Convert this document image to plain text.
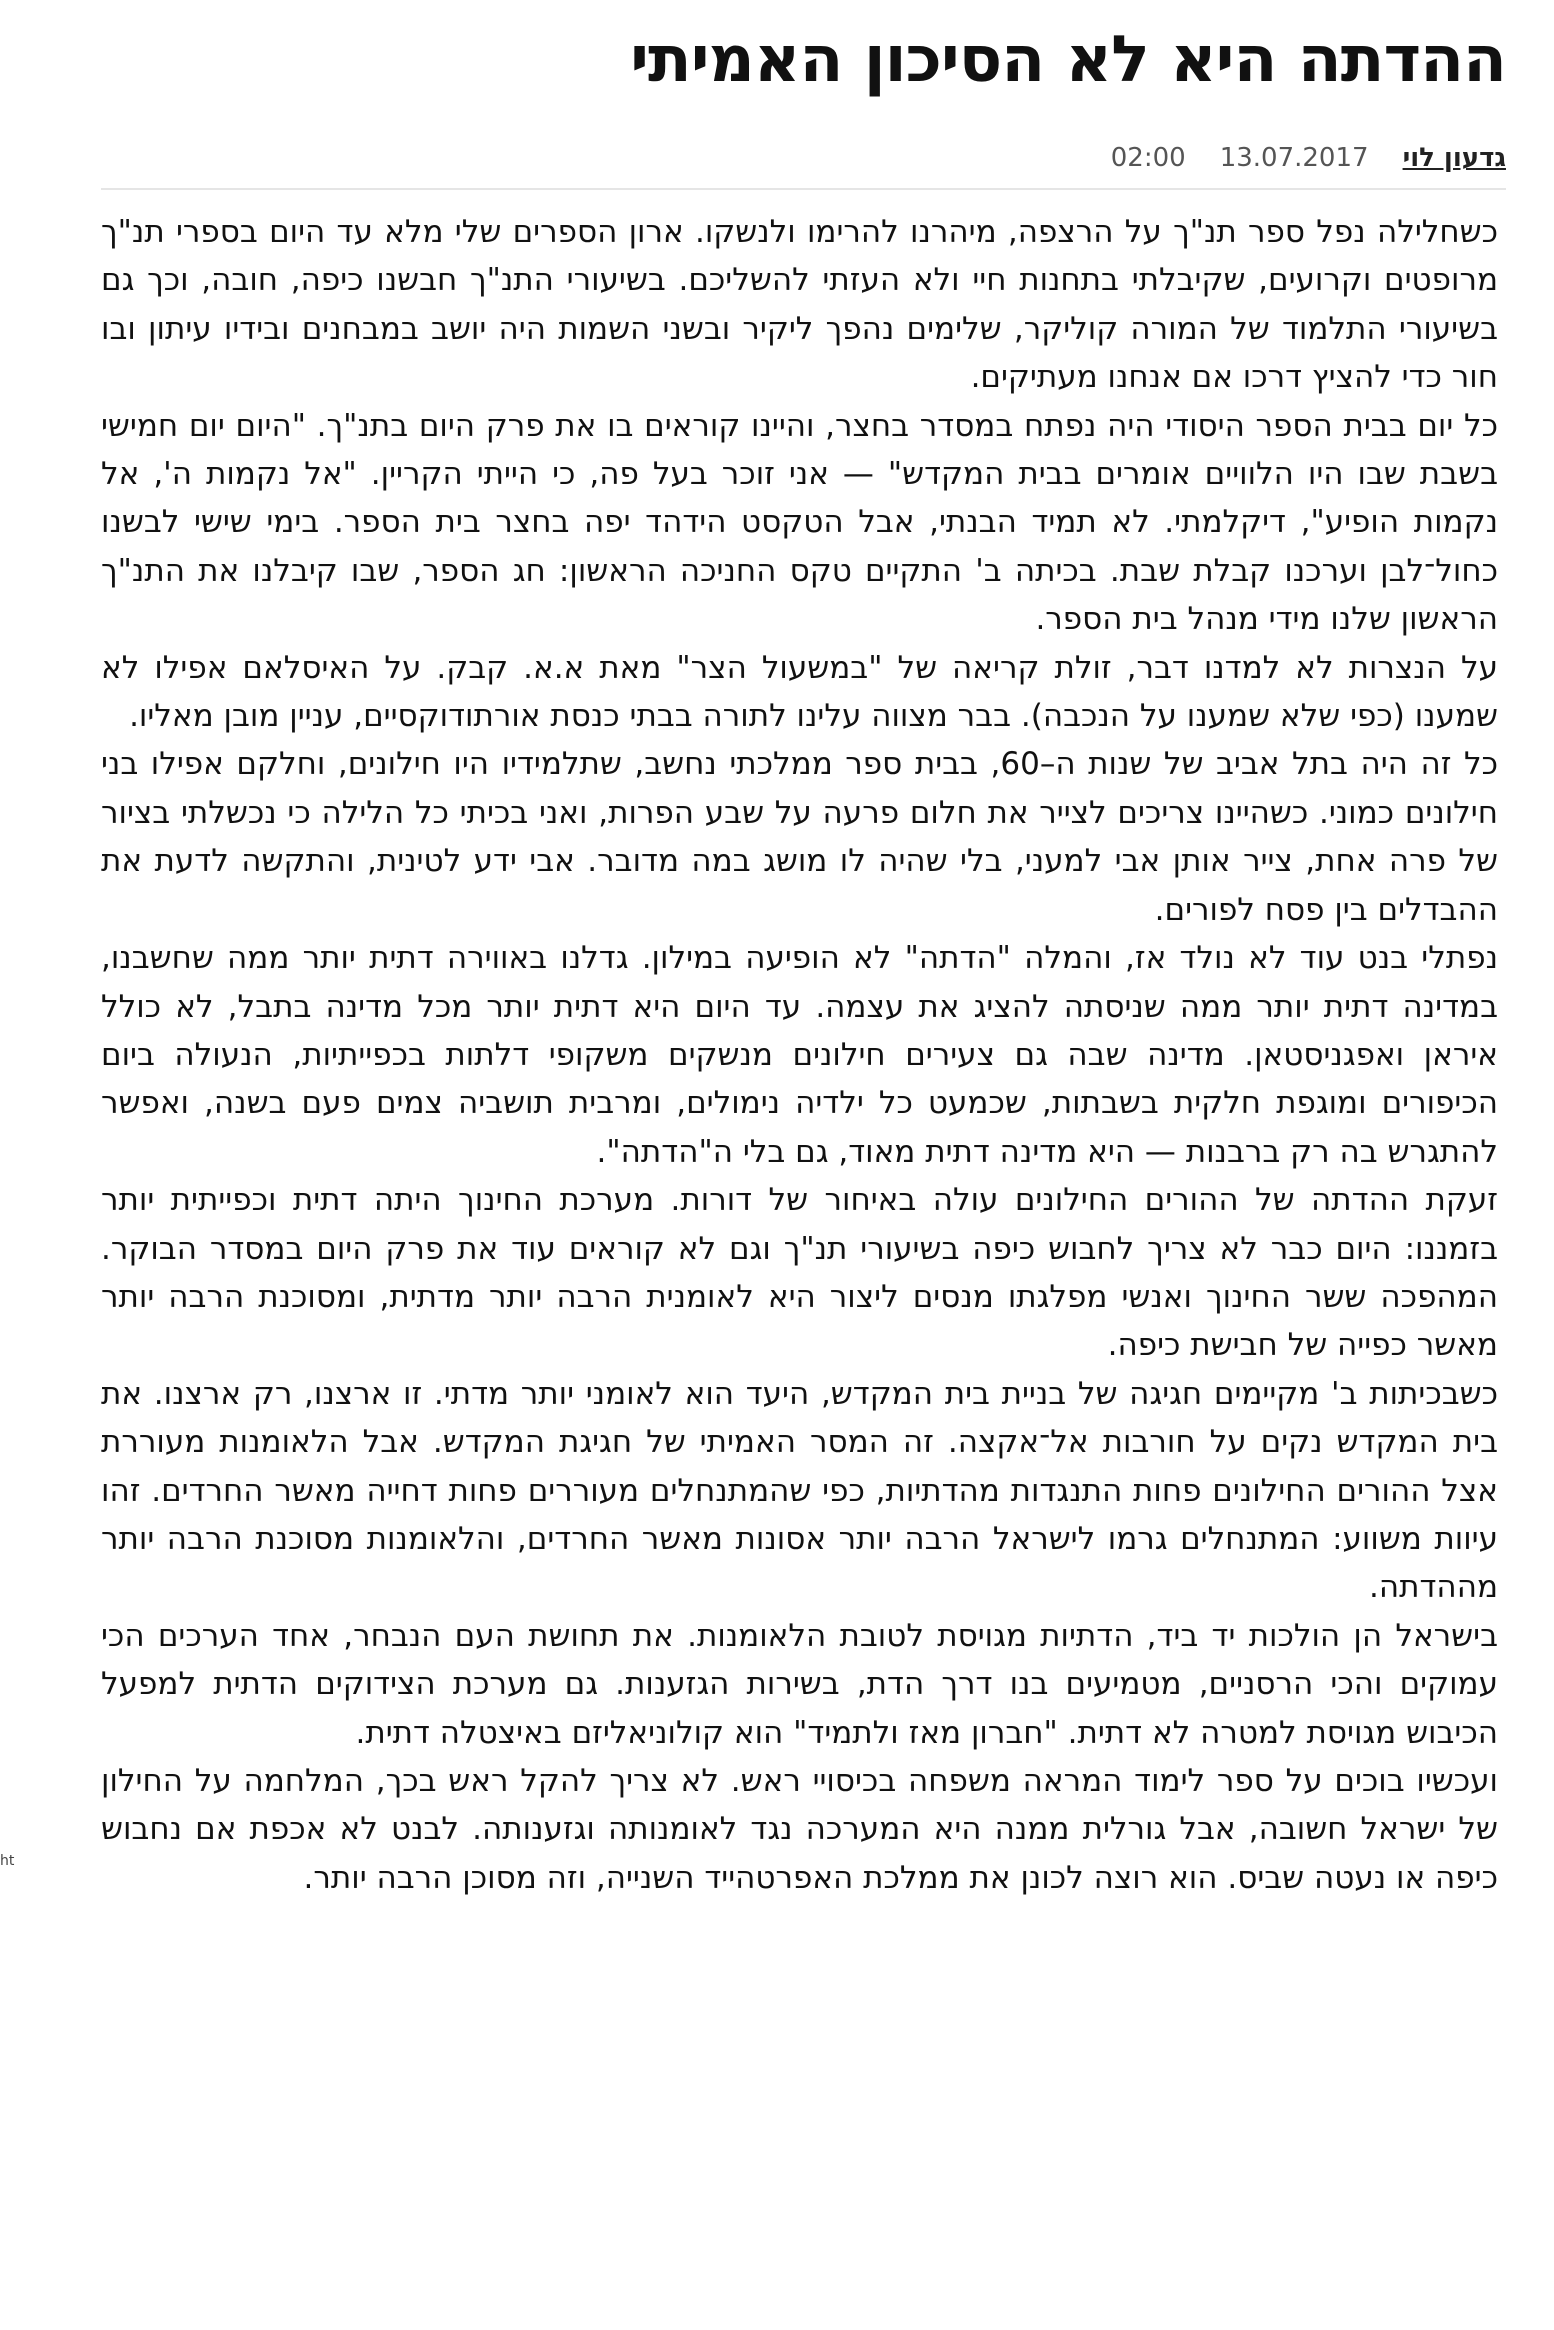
ההדתה היא לא הסיכון האמיתי
גדעון לוי
13.07.2017
02:00

כשחלילה נפל ספר תנ"ך על הרצפה, מיהרנו להרימו ולנשקו. ארון הספרים שלי מלא עד היום בספרי תנ"ך מרופטים וקרועים, שקיבלתי בתחנות חיי ולא העזתי להשליכם. בשיעורי התנ"ך חבשנו כיפה, חובה, וכך גם בשיעורי התלמוד של המורה קוליקר, שלימים נהפך ליקיר ובשני השמות היה יושב במבחנים ובידיו עיתון ובו חור כדי להציץ דרכו אם אנחנו מעתיקים.

כל יום בבית הספר היסודי היה נפתח במסדר בחצר, והיינו קוראים בו את פרק היום בתנ"ך. "היום יום חמישי בשבת שבו היו הלוויים אומרים בבית המקדש" — אני זוכר בעל פה, כי הייתי הקריין. "אל נקמות ה', אל נקמות הופיע", דיקלמתי. לא תמיד הבנתי, אבל הטקסט הידהד יפה בחצר בית הספר. בימי שישי לבשנו כחול־לבן וערכנו קבלת שבת. בכיתה ב' התקיים טקס החניכה הראשון: חג הספר, שבו קיבלנו את התנ"ך הראשון שלנו מידי מנהל בית הספר.

על הנצרות לא למדנו דבר, זולת קריאה של "במשעול הצר" מאת א.א. קבק. על האיסלאם אפילו לא שמענו (כפי שלא שמענו על הנכבה). בבר מצווה עלינו לתורה בבתי כנסת אורתודוקסיים, עניין מובן מאליו.

כל זה היה בתל אביב של שנות ה–60, בבית ספר ממלכתי נחשב, שתלמידיו היו חילונים, וחלקם אפילו בני חילונים כמוני. כשהיינו צריכים לצייר את חלום פרעה על שבע הפרות, ואני בכיתי כל הלילה כי נכשלתי בציור של פרה אחת, צייר אותן אבי למעני, בלי שהיה לו מושג במה מדובר. אבי ידע לטינית, והתקשה לדעת את ההבדלים בין פסח לפורים.

נפתלי בנט עוד לא נולד אז, והמלה "הדתה" לא הופיעה במילון. גדלנו באווירה דתית יותר ממה שחשבנו, במדינה דתית יותר ממה שניסתה להציג את עצמה. עד היום היא דתית יותר מכל מדינה בתבל, לא כולל איראן ואפגניסטאן. מדינה שבה גם צעירים חילונים מנשקים משקופי דלתות בכפייתיות, הנעולה ביום הכיפורים ומוגפת חלקית בשבתות, שכמעט כל ילדיה נימולים, ומרבית תושביה צמים פעם בשנה, ואפשר להתגרש בה רק ברבנות — היא מדינה דתית מאוד, גם בלי ה"הדתה".

זעקת ההדתה של ההורים החילונים עולה באיחור של דורות. מערכת החינוך היתה דתית וכפייתית יותר בזמננו: היום כבר לא צריך לחבוש כיפה בשיעורי תנ"ך וגם לא קוראים עוד את פרק היום במסדר הבוקר. המהפכה ששר החינוך ואנשי מפלגתו מנסים ליצור היא לאומנית הרבה יותר מדתית, ומסוכנת הרבה יותר מאשר כפייה של חבישת כיפה.

כשבכיתות ב' מקיימים חגיגה של בניית בית המקדש, היעד הוא לאומני יותר מדתי. זו ארצנו, רק ארצנו. את בית המקדש נקים על חורבות אל־אקצה. זה המסר האמיתי של חגיגת המקדש. אבל הלאומנות מעוררת אצל ההורים החילונים פחות התנגדות מהדתיות, כפי שהמתנחלים מעוררים פחות דחייה מאשר החרדים. זהו עיוות משווע: המתנחלים גרמו לישראל הרבה יותר אסונות מאשר החרדים, והלאומנות מסוכנת הרבה יותר מההדתה.

בישראל הן הולכות יד ביד, הדתיות מגויסת לטובת הלאומנות. את תחושת העם הנבחר, אחד הערכים הכי עמוקים והכי הרסניים, מטמיעים בנו דרך הדת, בשירות הגזענות. גם מערכת הצידוקים הדתית למפעל הכיבוש מגויסת למטרה לא דתית. "חברון מאז ולתמיד" הוא קולוניאליזם באיצטלה דתית.

ועכשיו בוכים על ספר לימוד המראה משפחה בכיסויי ראש. לא צריך להקל ראש בכך, המלחמה על החילון של ישראל חשובה, אבל גורלית ממנה היא המערכה נגד לאומנותה וגזענותה. לבנט לא אכפת אם נחבוש כיפה או נעטה שביס. הוא רוצה לכונן את ממלכת האפרטהייד השנייה, וזה מסוכן הרבה יותר.

ht
